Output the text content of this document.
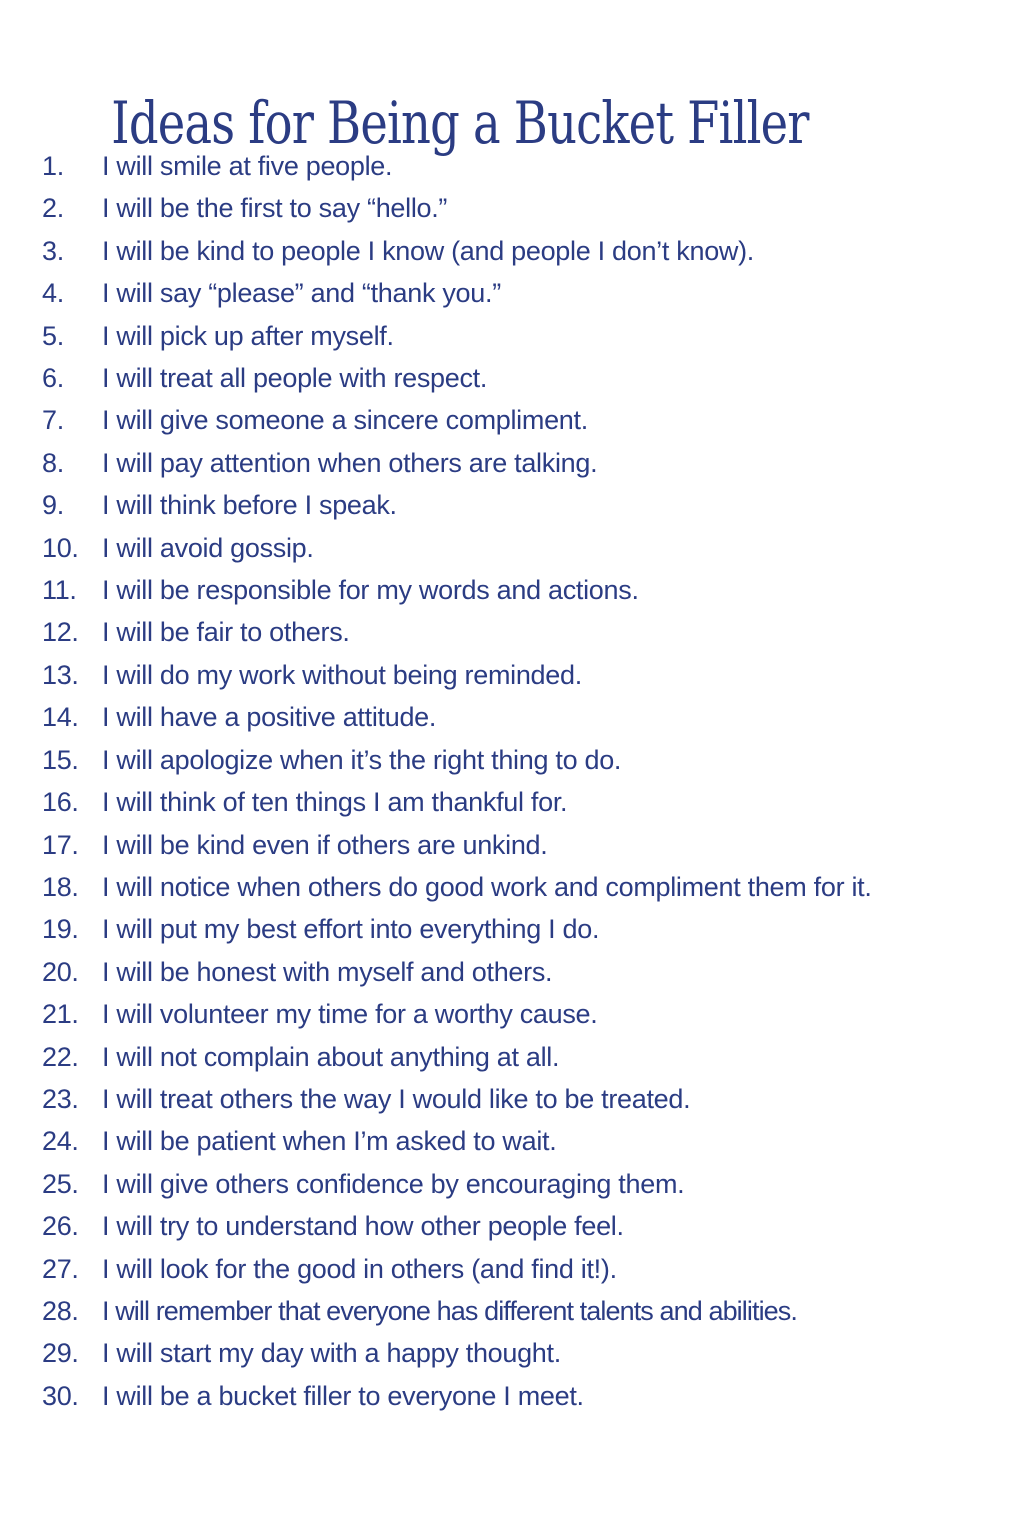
Ideas for Being a Bucket Filler
1.	I will smile at five people.
2.	I will be the first to say “hello.”
3.	I will be kind to people I know (and people I don’t know).
4.	I will say “please” and “thank you.”
5.	I will pick up after myself.
6.	I will treat all people with respect.
7.	I will give someone a sincere compliment.
8.	I will pay attention when others are talking.
9.	I will think before I speak.
10. I will avoid gossip.
11. I will be responsible for my words and actions.
12. I will be fair to others.
13. I will do my work without being reminded.
14. I will have a positive attitude.
15. I will apologize when it’s the right thing to do.
16. I will think of ten things I am thankful for.
17. I will be kind even if others are unkind.
18. I will notice when others do good work and compliment them for it.
19. I will put my best effort into everything I do.
20. I will be honest with myself and others.
21. I will volunteer my time for a worthy cause.
22. I will not complain about anything at all.
23. I will treat others the way I would like to be treated.
24. I will be patient when I’m asked to wait.
25. I will give others confidence by encouraging them.
26. I will try to understand how other people feel.
27. I will look for the good in others (and find it!).
28. I will remember that everyone has different talents and abilities.
29. I will start my day with a happy thought.
30. I will be a bucket filler to everyone I meet.
